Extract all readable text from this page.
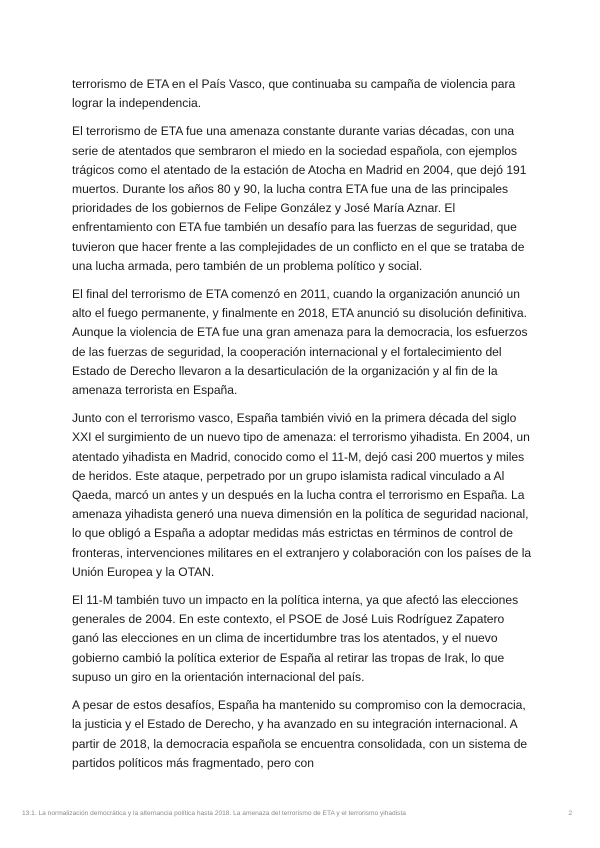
terrorismo de ETA en el País Vasco, que continuaba su campaña de violencia para lograr la independencia.

El terrorismo de ETA fue una amenaza constante durante varias décadas, con una serie de atentados que sembraron el miedo en la sociedad española, con ejemplos trágicos como el atentado de la estación de Atocha en Madrid en 2004, que dejó 191 muertos. Durante los años 80 y 90, la lucha contra ETA fue una de las principales prioridades de los gobiernos de Felipe González y José María Aznar. El enfrentamiento con ETA fue también un desafío para las fuerzas de seguridad, que tuvieron que hacer frente a las complejidades de un conflicto en el que se trataba de una lucha armada, pero también de un problema político y social.

El final del terrorismo de ETA comenzó en 2011, cuando la organización anunció un alto el fuego permanente, y finalmente en 2018, ETA anunció su disolución definitiva. Aunque la violencia de ETA fue una gran amenaza para la democracia, los esfuerzos de las fuerzas de seguridad, la cooperación internacional y el fortalecimiento del Estado de Derecho llevaron a la desarticulación de la organización y al fin de la amenaza terrorista en España.

Junto con el terrorismo vasco, España también vivió en la primera década del siglo XXI el surgimiento de un nuevo tipo de amenaza: el terrorismo yihadista. En 2004, un atentado yihadista en Madrid, conocido como el 11-M, dejó casi 200 muertos y miles de heridos. Este ataque, perpetrado por un grupo islamista radical vinculado a Al Qaeda, marcó un antes y un después en la lucha contra el terrorismo en España. La amenaza yihadista generó una nueva dimensión en la política de seguridad nacional, lo que obligó a España a adoptar medidas más estrictas en términos de control de fronteras, intervenciones militares en el extranjero y colaboración con los países de la Unión Europea y la OTAN.

El 11-M también tuvo un impacto en la política interna, ya que afectó las elecciones generales de 2004. En este contexto, el PSOE de José Luis Rodríguez Zapatero ganó las elecciones en un clima de incertidumbre tras los atentados, y el nuevo gobierno cambió la política exterior de España al retirar las tropas de Irak, lo que supuso un giro en la orientación internacional del país.

A pesar de estos desafíos, España ha mantenido su compromiso con la democracia, la justicia y el Estado de Derecho, y ha avanzado en su integración internacional. A partir de 2018, la democracia española se encuentra consolidada, con un sistema de partidos políticos más fragmentado, pero con

13.1. La normalización democrática y la alternancia política hasta 2018. La amenaza del terrorismo de ETA y el terrorismo yihadista	2
